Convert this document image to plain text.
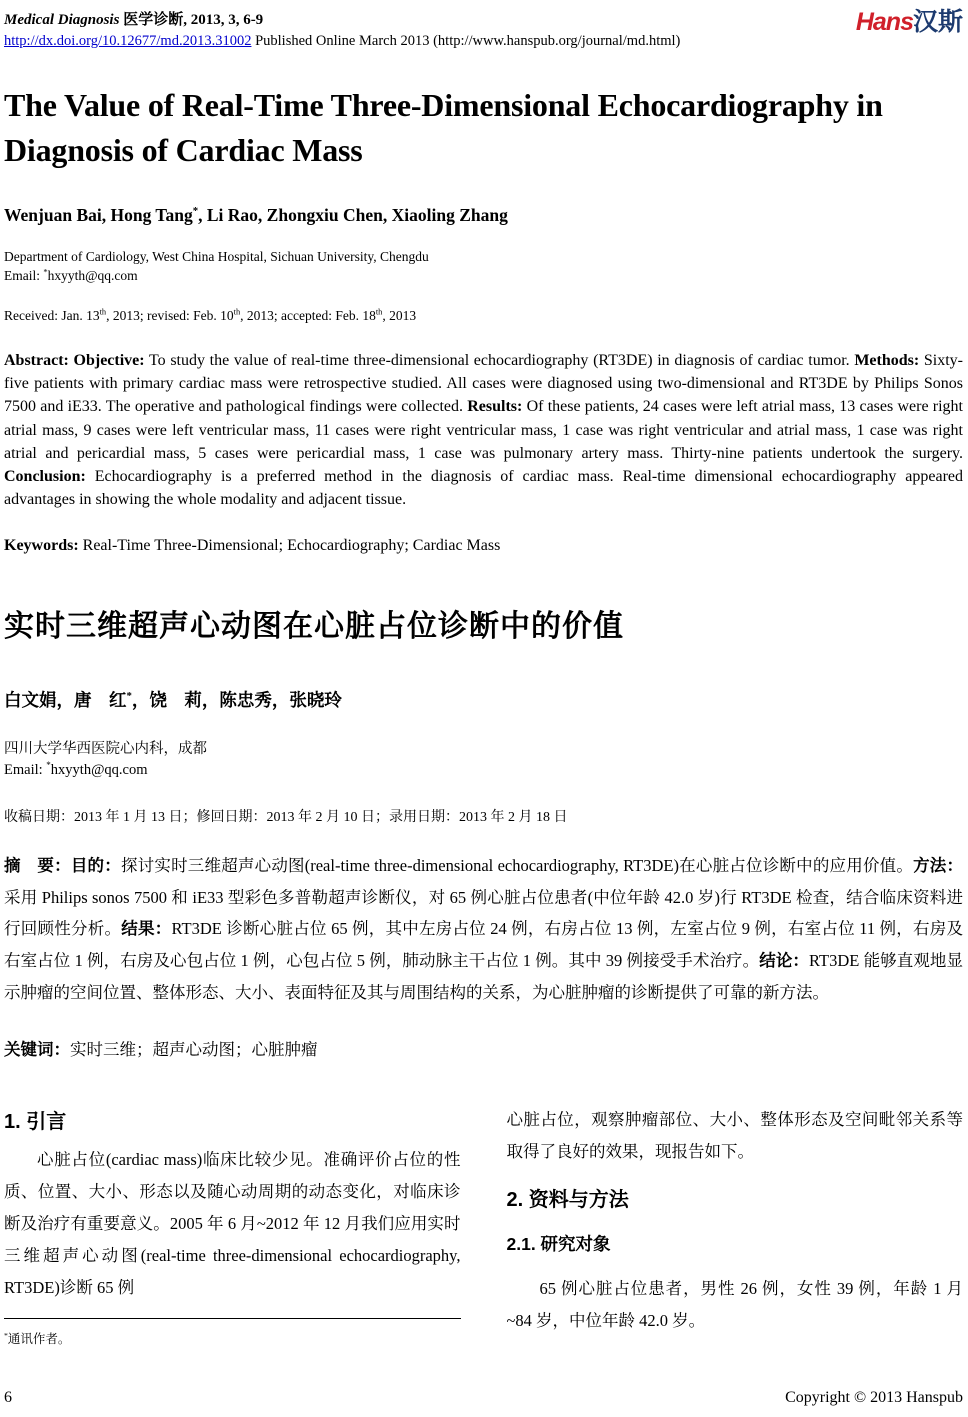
Medical Diagnosis 医学诊断, 2013, 3, 6-9
http://dx.doi.org/10.12677/md.2013.31002 Published Online March 2013 (http://www.hanspub.org/journal/md.html)
Hans汉斯
The Value of Real-Time Three-Dimensional Echocardiography in Diagnosis of Cardiac Mass
Wenjuan Bai, Hong Tang*, Li Rao, Zhongxiu Chen, Xiaoling Zhang
Department of Cardiology, West China Hospital, Sichuan University, Chengdu
Email: *hxyyth@qq.com
Received: Jan. 13th, 2013; revised: Feb. 10th, 2013; accepted: Feb. 18th, 2013

Abstract: Objective: To study the value of real-time three-dimensional echocardiography (RT3DE) in diagnosis of cardiac tumor. Methods: Sixty-five patients with primary cardiac mass were retrospective studied. All cases were diagnosed using two-dimensional and RT3DE by Philips Sonos 7500 and iE33. The operative and pathological findings were collected. Results: Of these patients, 24 cases were left atrial mass, 13 cases were right atrial mass, 9 cases were left ventricular mass, 11 cases were right ventricular mass, 1 case was right ventricular and atrial mass, 1 case was right atrial and pericardial mass, 5 cases were pericardial mass, 1 case was pulmonary artery mass. Thirty-nine patients undertook the surgery. Conclusion: Echocardiography is a preferred method in the diagnosis of cardiac mass. Real-time dimensional echocardiography appeared advantages in showing the whole modality and adjacent tissue.

Keywords: Real-Time Three-Dimensional; Echocardiography; Cardiac Mass

实时三维超声心动图在心脏占位诊断中的价值
白文娟，唐　红*，饶　莉，陈忠秀，张晓玲
四川大学华西医院心内科，成都
Email: *hxyyth@qq.com
收稿日期：2013 年 1 月 13 日；修回日期：2013 年 2 月 10 日；录用日期：2013 年 2 月 18 日

摘　要：目的：探讨实时三维超声心动图(real-time three-dimensional echocardiography, RT3DE)在心脏占位诊断中的应用价值。方法：采用 Philips sonos 7500 和 iE33 型彩色多普勒超声诊断仪，对 65 例心脏占位患者(中位年龄 42.0 岁)行 RT3DE 检查，结合临床资料进行回顾性分析。结果：RT3DE 诊断心脏占位 65 例，其中左房占位 24 例，右房占位 13 例，左室占位 9 例，右室占位 11 例，右房及右室占位 1 例，右房及心包占位 1 例，心包占位 5 例，肺动脉主干占位 1 例。其中 39 例接受手术治疗。结论：RT3DE 能够直观地显示肿瘤的空间位置、整体形态、大小、表面特征及其与周围结构的关系，为心脏肿瘤的诊断提供了可靠的新方法。

关键词：实时三维；超声心动图；心脏肿瘤

1. 引言

心脏占位(cardiac mass)临床比较少见。准确评价占位的性质、位置、大小、形态以及随心动周期的动态变化，对临床诊断及治疗有重要意义。2005 年 6 月~2012 年 12 月我们应用实时三维超声心动图(real-time three-dimensional echocardiography, RT3DE)诊断 65 例

*通讯作者。

心脏占位，观察肿瘤部位、大小、整体形态及空间毗邻关系等取得了良好的效果，现报告如下。

2. 资料与方法
2.1. 研究对象

65 例心脏占位患者，男性 26 例，女性 39 例，年龄 1 月~84 岁，中位年龄 42.0 岁。

6	Copyright © 2013 Hanspub
